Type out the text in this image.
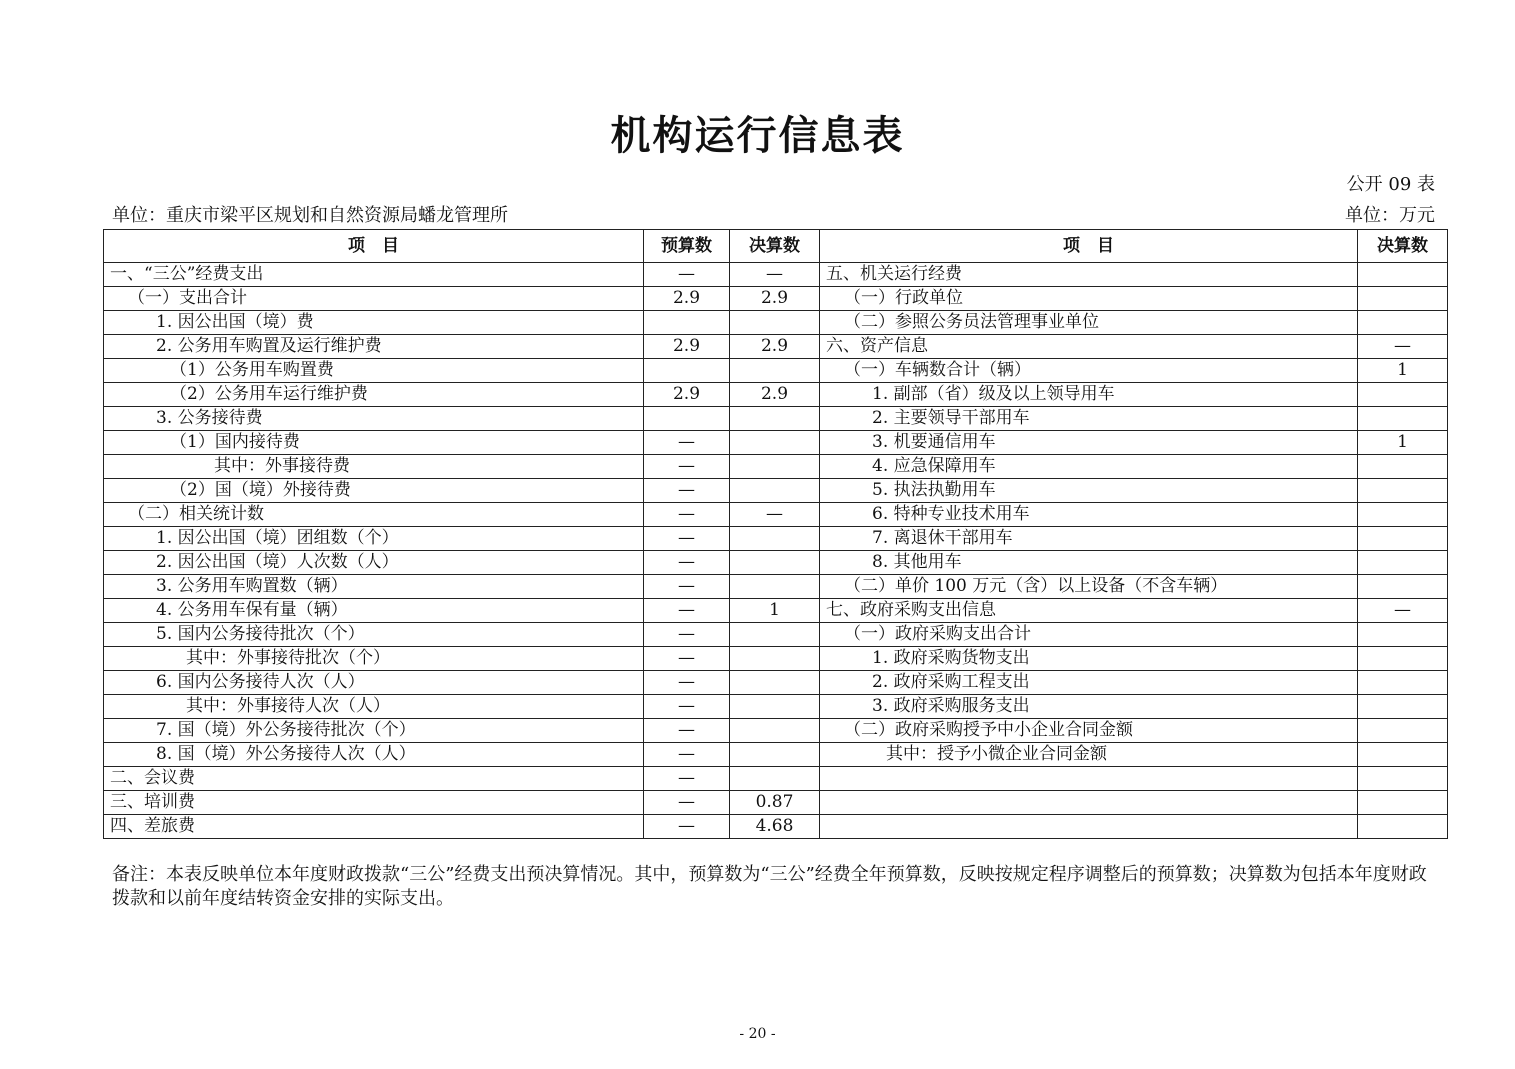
机构运行信息表
公开 09 表
单位：重庆市梁平区规划和自然资源局蟠龙管理所	单位：万元
项　目	预算数	决算数	项　目	决算数
一、“三公”经费支出	—	—	五、机关运行经费	
（一）支出合计	2.9	2.9	（一）行政单位	
1. 因公出国（境）费			（二）参照公务员法管理事业单位	
2. 公务用车购置及运行维护费	2.9	2.9	六、资产信息	—
（1）公务用车购置费			（一）车辆数合计（辆）	1
（2）公务用车运行维护费	2.9	2.9	1. 副部（省）级及以上领导用车	
3. 公务接待费			2. 主要领导干部用车	
（1）国内接待费	—		3. 机要通信用车	1
其中：外事接待费	—		4. 应急保障用车	
（2）国（境）外接待费	—		5. 执法执勤用车	
（二）相关统计数	—	—	6. 特种专业技术用车	
1. 因公出国（境）团组数（个）	—		7. 离退休干部用车	
2. 因公出国（境）人次数（人）	—		8. 其他用车	
3. 公务用车购置数（辆）	—		（二）单价 100 万元（含）以上设备（不含车辆）	
4. 公务用车保有量（辆）	—	1	七、政府采购支出信息	—
5. 国内公务接待批次（个）	—		（一）政府采购支出合计	
其中：外事接待批次（个）	—		1. 政府采购货物支出	
6. 国内公务接待人次（人）	—		2. 政府采购工程支出	
其中：外事接待人次（人）	—		3. 政府采购服务支出	
7. 国（境）外公务接待批次（个）	—		（二）政府采购授予中小企业合同金额	
8. 国（境）外公务接待人次（人）	—		其中：授予小微企业合同金额	
二、会议费	—			
三、培训费	—	0.87		
四、差旅费	—	4.68		
备注：本表反映单位本年度财政拨款“三公”经费支出预决算情况。其中，预算数为“三公”经费全年预算数，反映按规定程序调整后的预算数；决算数为包括本年度财政拨款和以前年度结转资金安排的实际支出。
- 20 -
